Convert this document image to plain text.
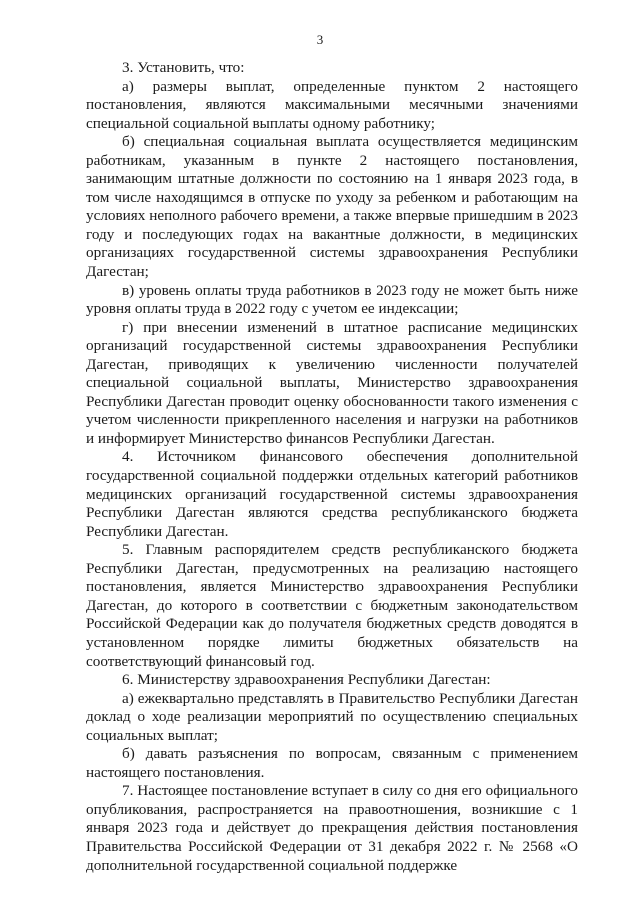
3

3. Установить, что:

а) размеры выплат, определенные пунктом 2 настоящего постановления, являются максимальными месячными значениями специальной социальной выплаты одному работнику;

б) специальная социальная выплата осуществляется медицинским работникам, указанным в пункте 2 настоящего постановления, занимающим штатные должности по состоянию на 1 января 2023 года, в том числе находящимся в отпуске по уходу за ребенком и работающим на условиях неполного рабочего времени, а также впервые пришедшим в 2023 году и последующих годах на вакантные должности, в медицинских организациях государственной системы здравоохранения Республики Дагестан;

в) уровень оплаты труда работников в 2023 году не может быть ниже уровня оплаты труда в 2022 году с учетом ее индексации;

г) при внесении изменений в штатное расписание медицинских организаций государственной системы здравоохранения Республики Дагестан, приводящих к увеличению численности получателей специальной социальной выплаты, Министерство здравоохранения Республики Дагестан проводит оценку обоснованности такого изменения с учетом численности прикрепленного населения и нагрузки на работников и информирует Министерство финансов Республики Дагестан.

4. Источником финансового обеспечения дополнительной государственной социальной поддержки отдельных категорий работников медицинских организаций государственной системы здравоохранения Республики Дагестан являются средства республиканского бюджета Республики Дагестан.

5. Главным распорядителем средств республиканского бюджета Республики Дагестан, предусмотренных на реализацию настоящего постановления, является Министерство здравоохранения Республики Дагестан, до которого в соответствии с бюджетным законодательством Российской Федерации как до получателя бюджетных средств доводятся в установленном порядке лимиты бюджетных обязательств на соответствующий финансовый год.

6. Министерству здравоохранения Республики Дагестан:

а) ежеквартально представлять в Правительство Республики Дагестан доклад о ходе реализации мероприятий по осуществлению специальных социальных выплат;

б) давать разъяснения по вопросам, связанным с применением настоящего постановления.

7. Настоящее постановление вступает в силу со дня его официального опубликования, распространяется на правоотношения, возникшие с 1 января 2023 года и действует до прекращения действия постановления Правительства Российской Федерации от 31 декабря 2022 г. № 2568 «О дополнительной государственной социальной поддержке
